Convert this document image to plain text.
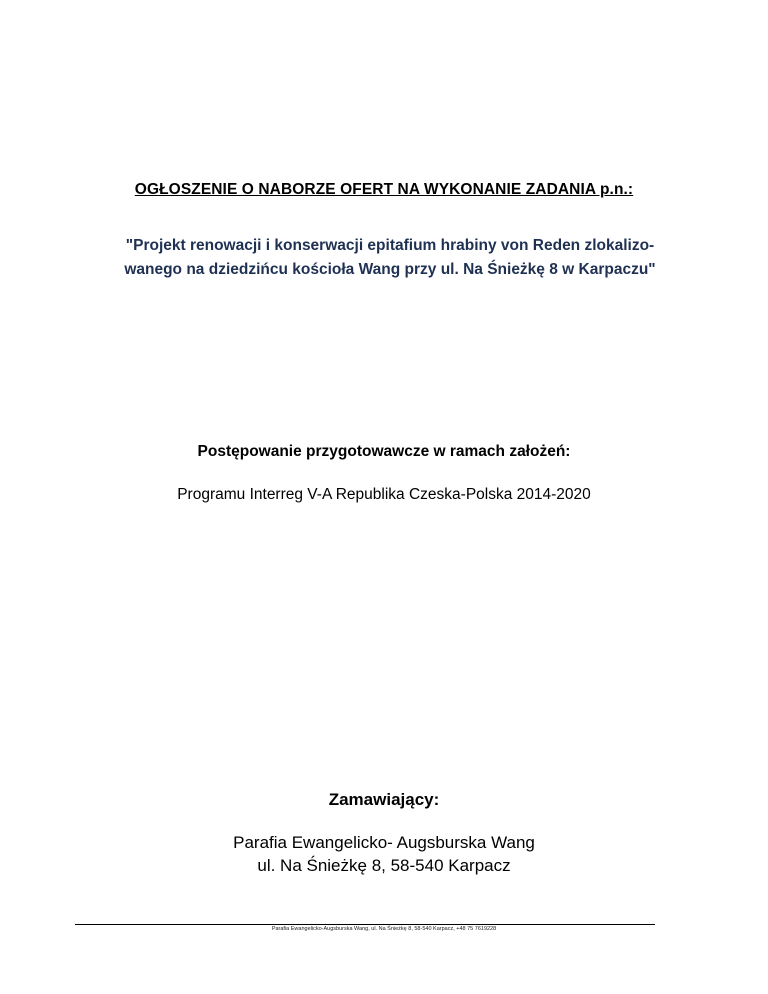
OGŁOSZENIE O NABORZE OFERT NA WYKONANIE ZADANIA p.n.:
"Projekt renowacji i konserwacji epitafium hrabiny von Reden zlokalizo-
wanego na dziedzińcu kościoła Wang przy ul. Na Śnieżkę 8 w Karpaczu"
Postępowanie przygotowawcze w ramach założeń:
Programu Interreg V-A Republika Czeska-Polska 2014-2020
Zamawiający:
Parafia Ewangelicko- Augsburska Wang
ul. Na Śnieżkę 8, 58-540 Karpacz
Parafia Ewangelicko-Augsburska Wang, ul. Na Śnieżkę 8, 58-540 Karpacz, +48 75 7619228
